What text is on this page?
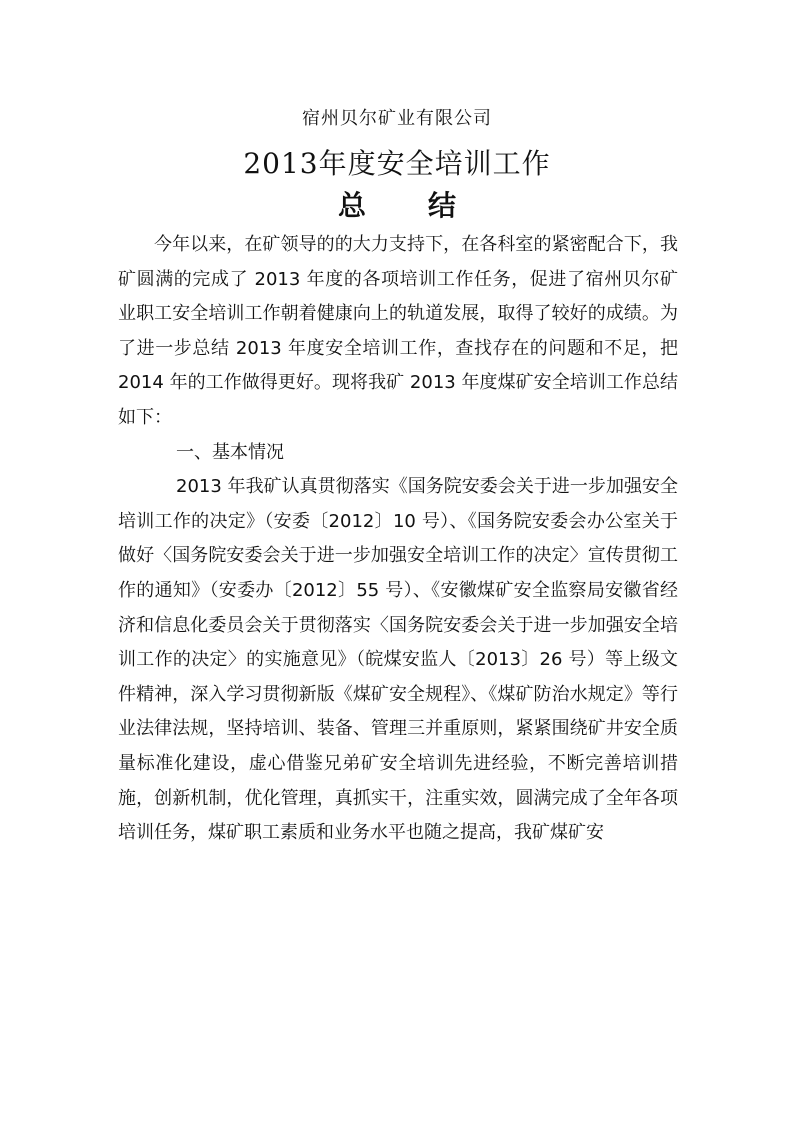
宿州贝尔矿业有限公司
2013年度安全培训工作
总 结

今年以来，在矿领导的的大力支持下，在各科室的紧密配合下，我矿圆满的完成了 2013 年度的各项培训工作任务，促进了宿州贝尔矿业职工安全培训工作朝着健康向上的轨道发展，取得了较好的成绩。为了进一步总结 2013 年度安全培训工作，查找存在的问题和不足，把 2014 年的工作做得更好。现将我矿 2013 年度煤矿安全培训工作总结如下：

一、基本情况

2013 年我矿认真贯彻落实《国务院安委会关于进一步加强安全培训工作的决定》（安委〔2012〕10 号）、《国务院安委会办公室关于做好〈国务院安委会关于进一步加强安全培训工作的决定〉宣传贯彻工作的通知》（安委办〔2012〕55 号）、《安徽煤矿安全监察局安徽省经济和信息化委员会关于贯彻落实〈国务院安委会关于进一步加强安全培训工作的决定〉的实施意见》（皖煤安监人〔2013〕26 号）等上级文件精神，深入学习贯彻新版《煤矿安全规程》、《煤矿防治水规定》等行业法律法规，坚持培训、装备、管理三并重原则，紧紧围绕矿井安全质量标准化建设，虚心借鉴兄弟矿安全培训先进经验，不断完善培训措施，创新机制，优化管理，真抓实干，注重实效，圆满完成了全年各项培训任务，煤矿职工素质和业务水平也随之提高，我矿煤矿安
